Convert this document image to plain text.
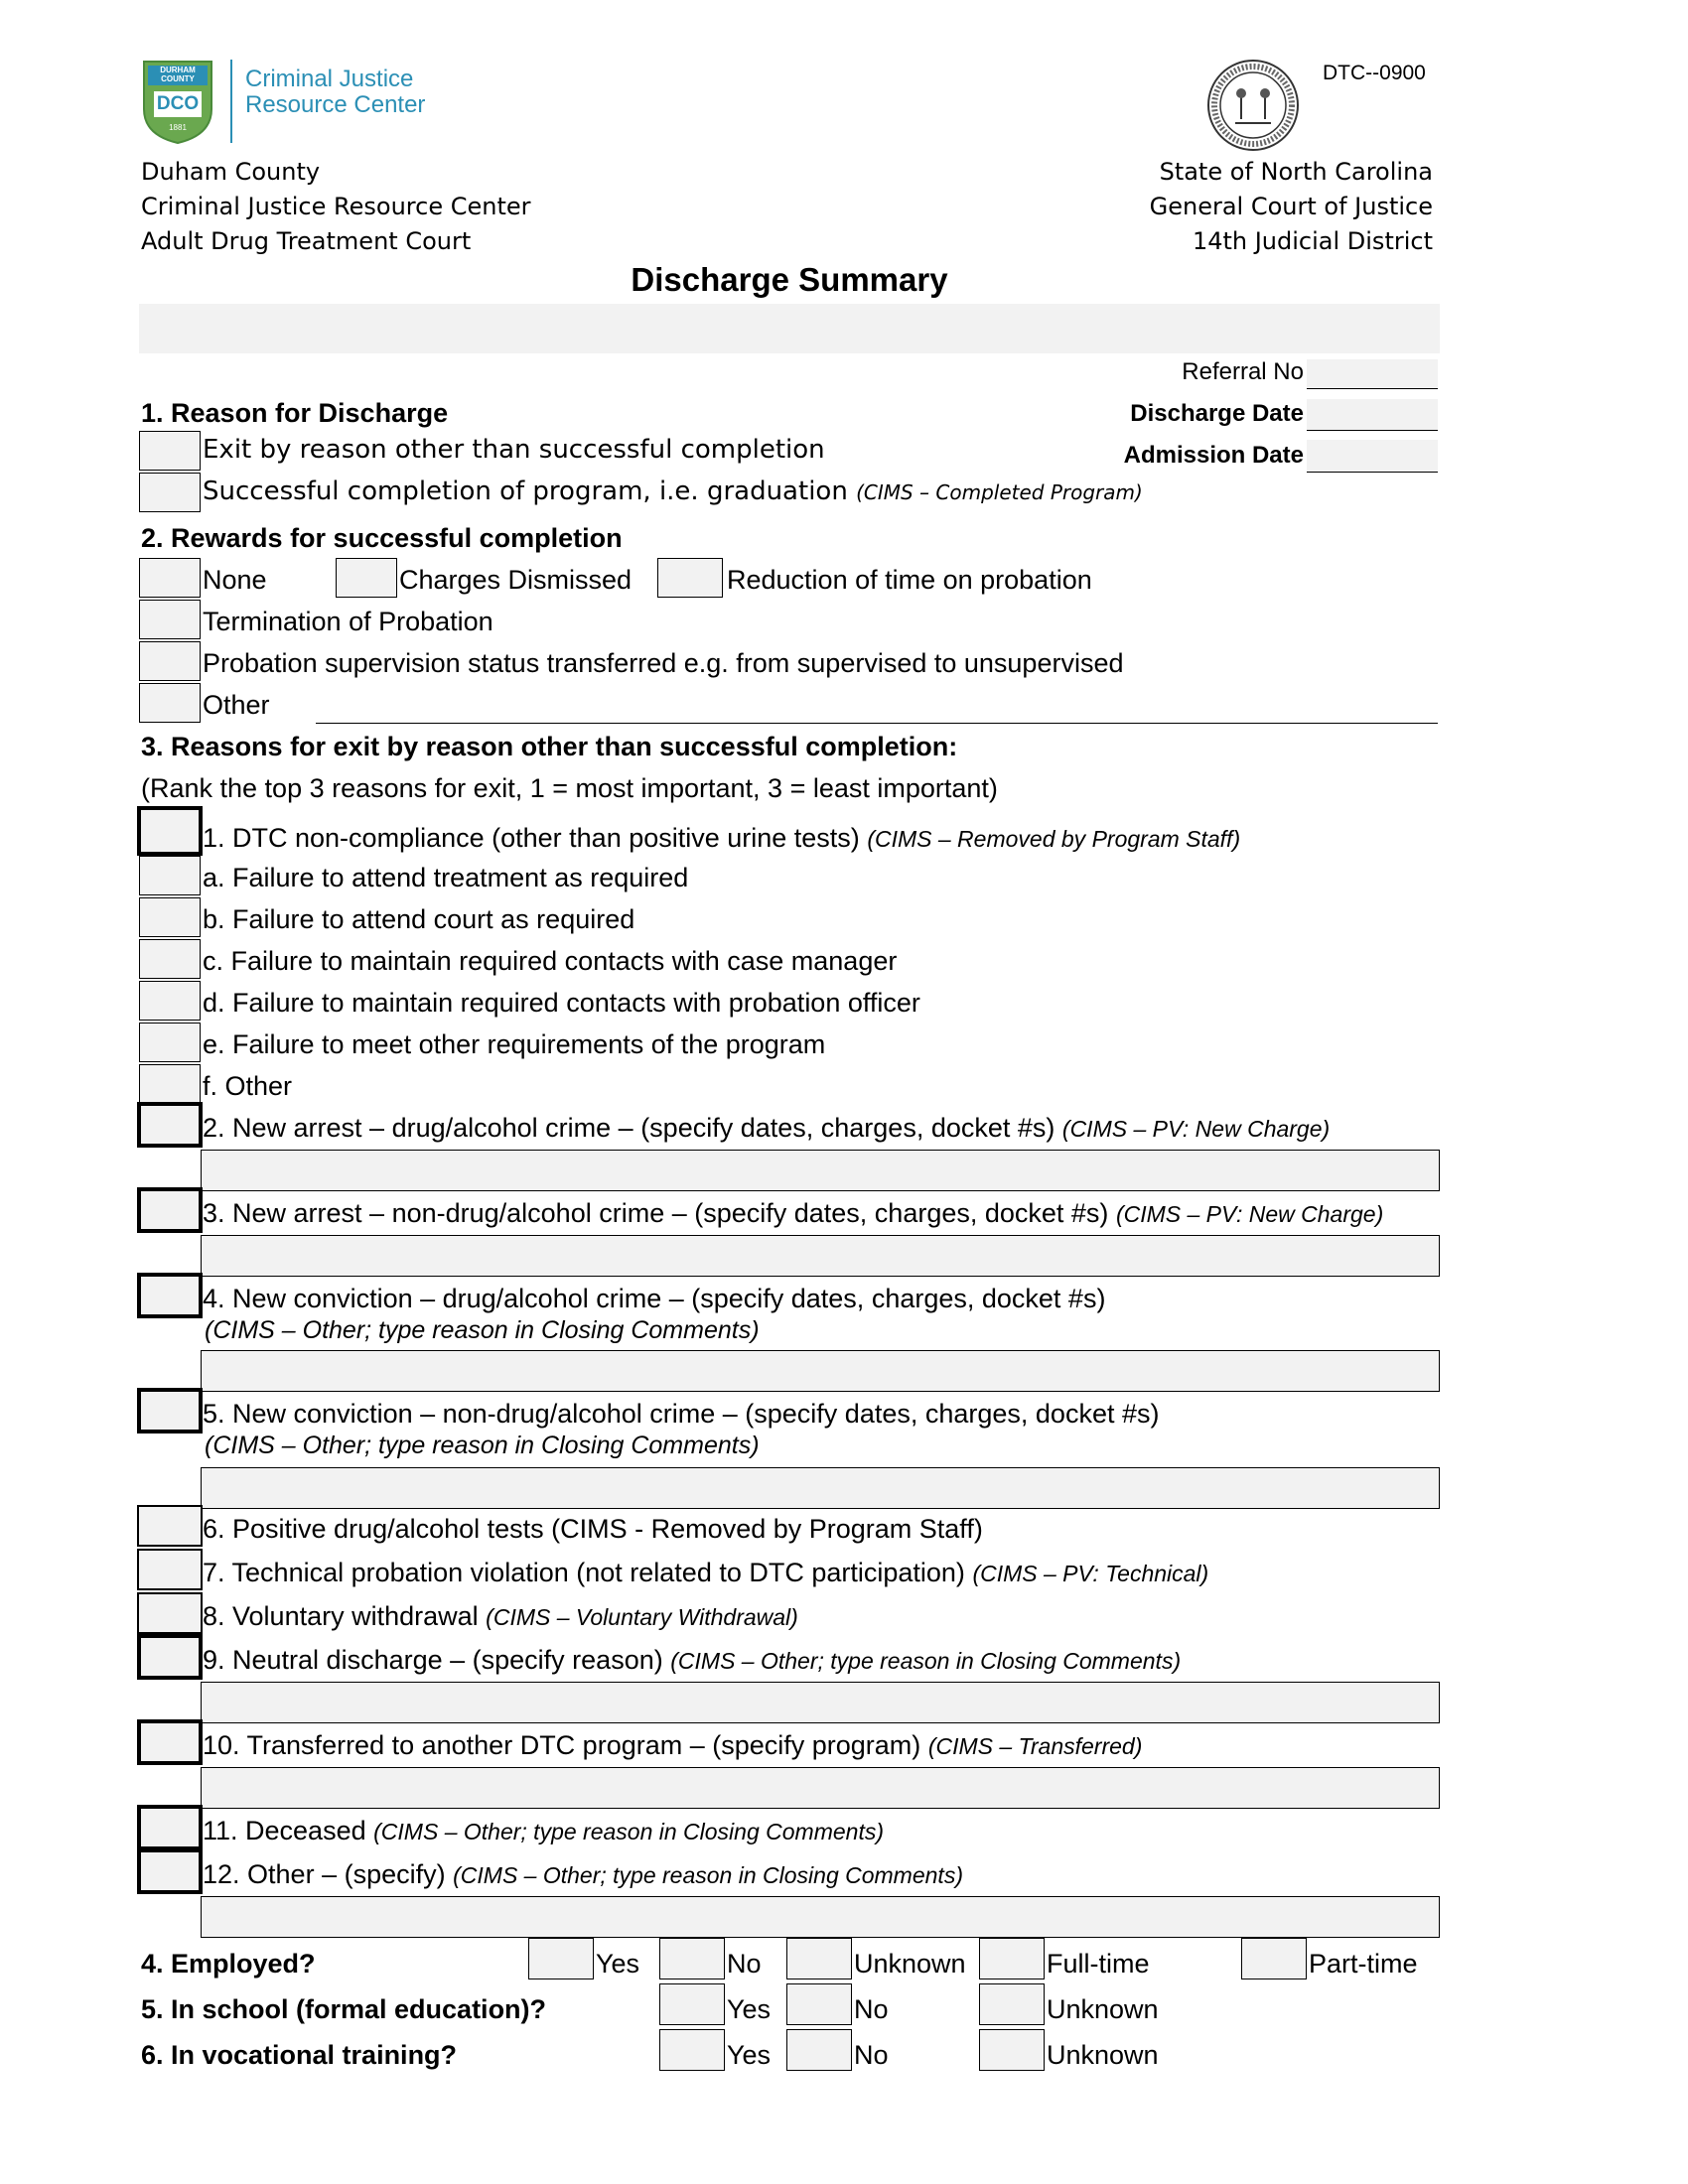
DURHAM
COUNTY
DCO
1881
Criminal Justice
Resource Center
DTC--0900
Duham County
Criminal Justice Resource Center
Adult Drug Treatment Court
State of North Carolina
General Court of Justice
14th Judicial District
Discharge Summary
Referral No
Discharge Date
Admission Date
1. Reason for Discharge
Exit by reason other than successful completion
Successful completion of program, i.e. graduation (CIMS – Completed Program)
2. Rewards for successful completion
None	Charges Dismissed	Reduction of time on probation
Termination of Probation
Probation supervision status transferred e.g. from supervised to unsupervised
Other
3. Reasons for exit by reason other than successful completion:
(Rank the top 3 reasons for exit, 1 = most important, 3 = least important)
1. DTC non-compliance (other than positive urine tests) (CIMS – Removed by Program Staff)
a. Failure to attend treatment as required
b. Failure to attend court as required
c. Failure to maintain required contacts with case manager
d. Failure to maintain required contacts with probation officer
e. Failure to meet other requirements of the program
f. Other
2. New arrest – drug/alcohol crime – (specify dates, charges, docket #s) (CIMS – PV: New Charge)
3. New arrest – non-drug/alcohol crime – (specify dates, charges, docket #s) (CIMS – PV: New Charge)
4. New conviction – drug/alcohol crime – (specify dates, charges, docket #s)
(CIMS – Other; type reason in Closing Comments)
5. New conviction – non-drug/alcohol crime – (specify dates, charges, docket #s)
(CIMS – Other; type reason in Closing Comments)
6. Positive drug/alcohol tests (CIMS - Removed by Program Staff)
7. Technical probation violation (not related to DTC participation) (CIMS – PV: Technical)
8. Voluntary withdrawal (CIMS – Voluntary Withdrawal)
9. Neutral discharge – (specify reason) (CIMS – Other; type reason in Closing Comments)
10. Transferred to another DTC program – (specify program) (CIMS – Transferred)
11. Deceased (CIMS – Other; type reason in Closing Comments)
12. Other – (specify) (CIMS – Other; type reason in Closing Comments)
4. Employed?	Yes	No	Unknown	Full-time	Part-time
5. In school (formal education)?	Yes	No	Unknown
6. In vocational training?	Yes	No	Unknown
